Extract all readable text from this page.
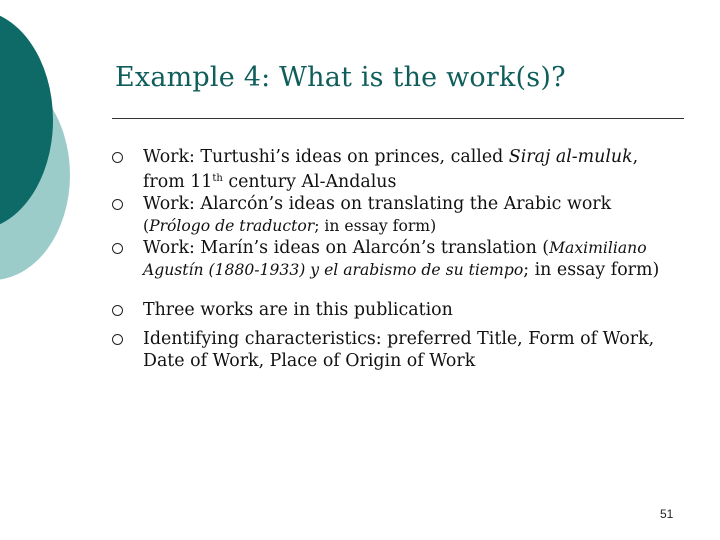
Example 4: What is the work(s)?
Work: Turtushi’s ideas on princes, called Siraj al-muluk,
from 11th century Al-Andalus
Work: Alarcón’s ideas on translating the Arabic work
(Prólogo de traductor; in essay form)
Work: Marín’s ideas on Alarcón’s translation (Maximiliano
Agustín (1880-1933) y el arabismo de su tiempo; in essay form)
Three works are in this publication
Identifying characteristics: preferred Title, Form of Work,
Date of Work, Place of Origin of Work
51
